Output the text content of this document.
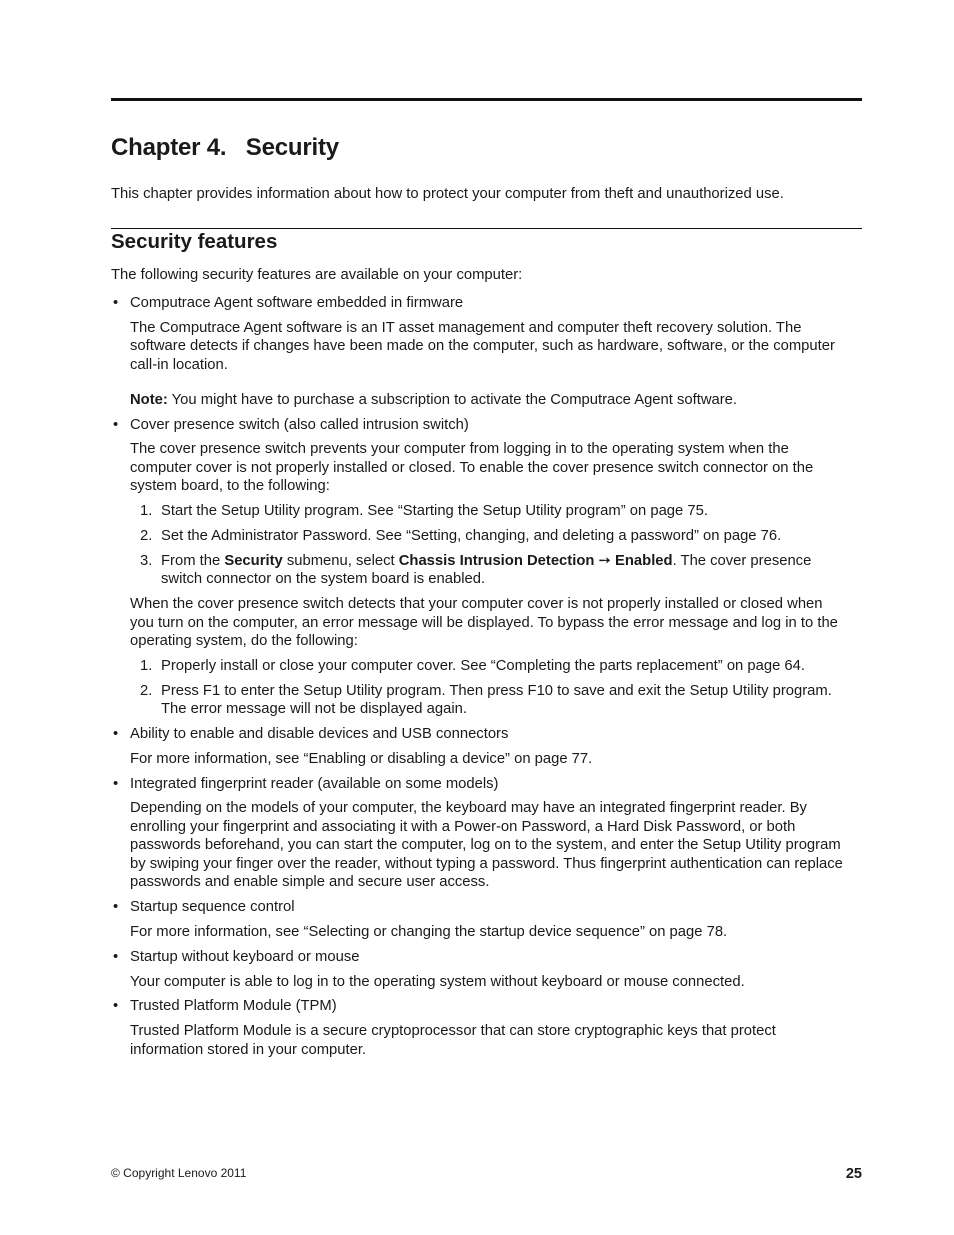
Chapter 4.   Security

This chapter provides information about how to protect your computer from theft and unauthorized use.

Security features

The following security features are available on your computer:

• Computrace Agent software embedded in firmware

The Computrace Agent software is an IT asset management and computer theft recovery solution. The software detects if changes have been made on the computer, such as hardware, software, or the computer call-in location.

Note: You might have to purchase a subscription to activate the Computrace Agent software.

• Cover presence switch (also called intrusion switch)

The cover presence switch prevents your computer from logging in to the operating system when the computer cover is not properly installed or closed. To enable the cover presence switch connector on the system board, to the following:

1. Start the Setup Utility program. See “Starting the Setup Utility program” on page 75.
2. Set the Administrator Password. See “Setting, changing, and deleting a password” on page 76.
3. From the Security submenu, select Chassis Intrusion Detection ➙ Enabled. The cover presence switch connector on the system board is enabled.

When the cover presence switch detects that your computer cover is not properly installed or closed when you turn on the computer, an error message will be displayed. To bypass the error message and log in to the operating system, do the following:

1. Properly install or close your computer cover. See “Completing the parts replacement” on page 64.
2. Press F1 to enter the Setup Utility program. Then press F10 to save and exit the Setup Utility program. The error message will not be displayed again.
• Ability to enable and disable devices and USB connectors

For more information, see “Enabling or disabling a device” on page 77.

• Integrated fingerprint reader (available on some models)

Depending on the models of your computer, the keyboard may have an integrated fingerprint reader. By enrolling your fingerprint and associating it with a Power-on Password, a Hard Disk Password, or both passwords beforehand, you can start the computer, log on to the system, and enter the Setup Utility program by swiping your finger over the reader, without typing a password. Thus fingerprint authentication can replace passwords and enable simple and secure user access.

• Startup sequence control

For more information, see “Selecting or changing the startup device sequence” on page 78.

• Startup without keyboard or mouse

Your computer is able to log in to the operating system without keyboard or mouse connected.

• Trusted Platform Module (TPM)

Trusted Platform Module is a secure cryptoprocessor that can store cryptographic keys that protect information stored in your computer.

© Copyright Lenovo 2011	25
